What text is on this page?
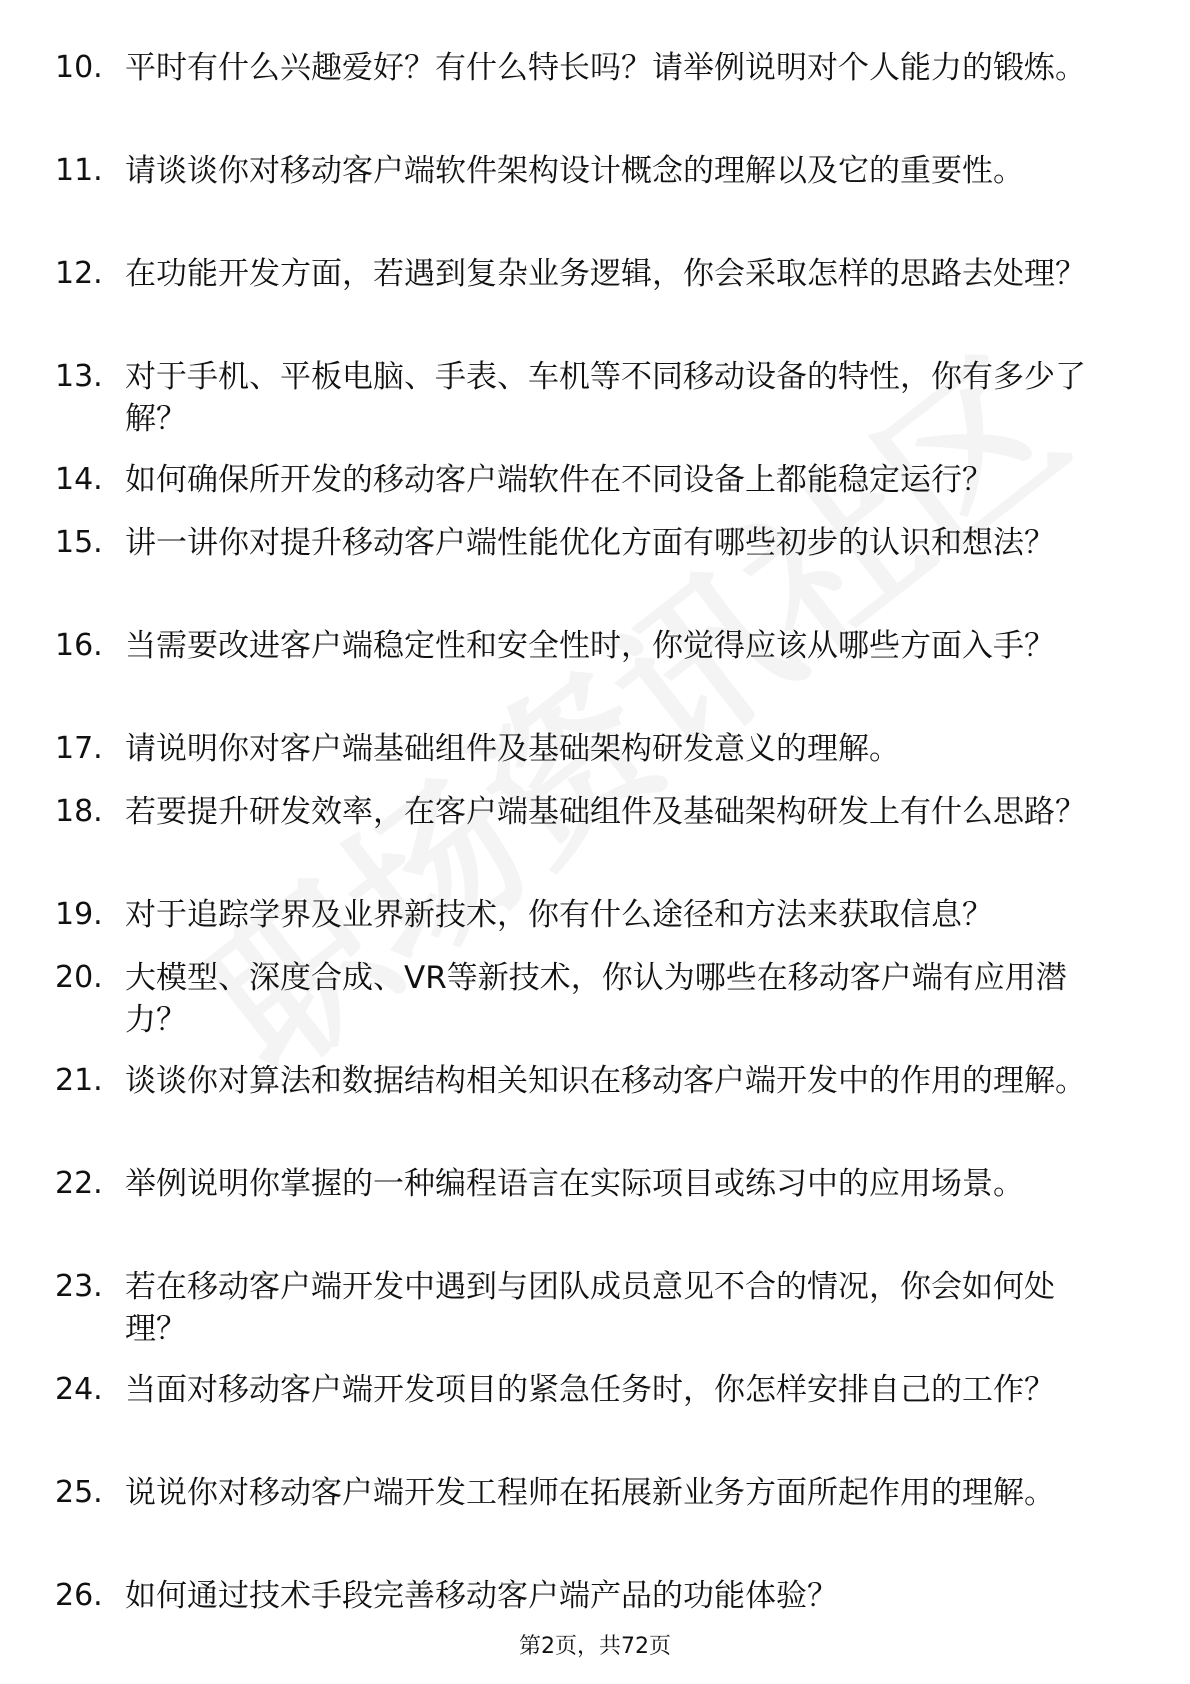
10. 平时有什么兴趣爱好？有什么特长吗？请举例说明对个人能力的锻炼。
11. 请谈谈你对移动客户端软件架构设计概念的理解以及它的重要性。
12. 在功能开发方面，若遇到复杂业务逻辑，你会采取怎样的思路去处理？
13. 对于手机、平板电脑、手表、车机等不同移动设备的特性，你有多少了解？
14. 如何确保所开发的移动客户端软件在不同设备上都能稳定运行？
15. 讲一讲你对提升移动客户端性能优化方面有哪些初步的认识和想法？
16. 当需要改进客户端稳定性和安全性时，你觉得应该从哪些方面入手？
17. 请说明你对客户端基础组件及基础架构研发意义的理解。
18. 若要提升研发效率，在客户端基础组件及基础架构研发上有什么思路？
19. 对于追踪学界及业界新技术，你有什么途径和方法来获取信息？
20. 大模型、深度合成、VR等新技术，你认为哪些在移动客户端有应用潜力？
21. 谈谈你对算法和数据结构相关知识在移动客户端开发中的作用的理解。
22. 举例说明你掌握的一种编程语言在实际项目或练习中的应用场景。
23. 若在移动客户端开发中遇到与团队成员意见不合的情况，你会如何处理？
24. 当面对移动客户端开发项目的紧急任务时，你怎样安排自己的工作？
25. 说说你对移动客户端开发工程师在拓展新业务方面所起作用的理解。
26. 如何通过技术手段完善移动客户端产品的功能体验？
第2页，共72页
